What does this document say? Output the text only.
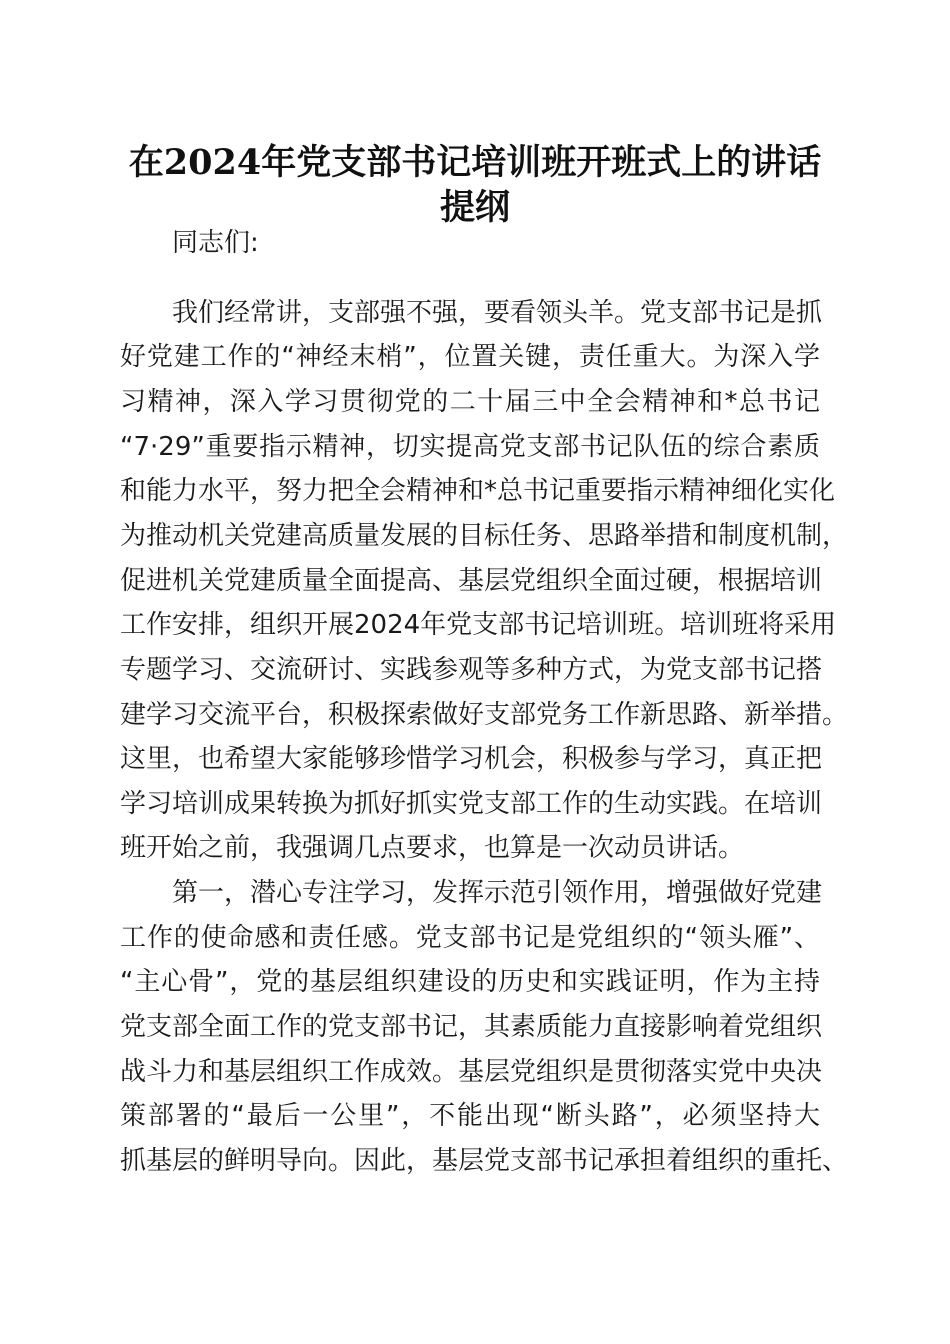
在2024年党支部书记培训班开班式上的讲话
提纲
同志们:
我们经常讲，支部强不强，要看领头羊。党支部书记是抓
好党建工作的“神经末梢”，位置关键，责任重大。为深入学
习精神，深入学习贯彻党的二十届三中全会精神和*总书记
“7·29”重要指示精神，切实提高党支部书记队伍的综合素质
和能力水平，努力把全会精神和*总书记重要指示精神细化实化
为推动机关党建高质量发展的目标任务、思路举措和制度机制，
促进机关党建质量全面提高、基层党组织全面过硬，根据培训
工作安排，组织开展2024年党支部书记培训班。培训班将采用
专题学习、交流研讨、实践参观等多种方式，为党支部书记搭
建学习交流平台，积极探索做好支部党务工作新思路、新举措。
这里，也希望大家能够珍惜学习机会，积极参与学习，真正把
学习培训成果转换为抓好抓实党支部工作的生动实践。在培训
班开始之前，我强调几点要求，也算是一次动员讲话。
第一，潜心专注学习，发挥示范引领作用，增强做好党建
工作的使命感和责任感。党支部书记是党组织的“领头雁”、
“主心骨”，党的基层组织建设的历史和实践证明，作为主持
党支部全面工作的党支部书记，其素质能力直接影响着党组织
战斗力和基层组织工作成效。基层党组织是贯彻落实党中央决
策部署的“最后一公里”，不能出现“断头路”，必须坚持大
抓基层的鲜明导向。因此，基层党支部书记承担着组织的重托、
